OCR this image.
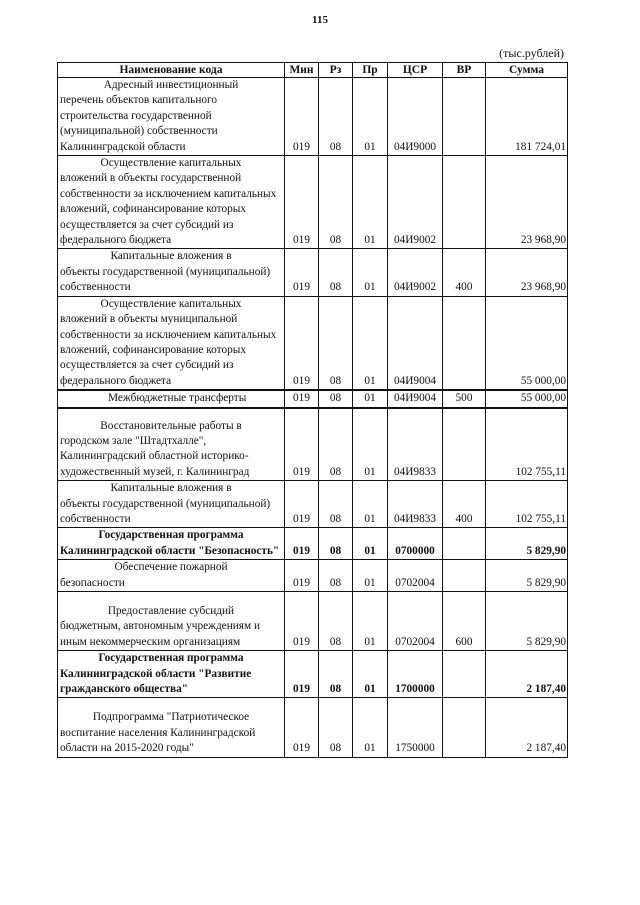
115
(тыс.рублей)
Наименование кода	Мин	Рз	Пр	ЦСР	ВР	Сумма

Адресный инвестиционный
перечень объектов капитального строительства государственной (муниципальной) собственности Калининградской области	019	08	01	04И9000		181 724,01

Осуществление капитальных
вложений в объекты государственной собственности за исключением капитальных вложений, софинансирование которых осуществляется за счет субсидий из федерального бюджета	019	08	01	04И9002		23 968,90

Капитальные вложения в
объекты государственной (муниципальной) собственности	019	08	01	04И9002	400	23 968,90

Осуществление капитальных
вложений в объекты муниципальной собственности за исключением капитальных вложений, софинансирование которых осуществляется за счет субсидий из федерального бюджета	019	08	01	04И9004		55 000,00
Межбюджетные трансферты	019	08	01	04И9004	500	55 000,00

Восстановительные работы в
городском зале "Штадтхалле", Калининградский областной историко-художественный музей, г. Калининград	019	08	01	04И9833		102 755,11

Капитальные вложения в
объекты государственной (муниципальной) собственности	019	08	01	04И9833	400	102 755,11

Государственная программа
Калининградской области "Безопасность"	019	08	01	0700000		5 829,90

Обеспечение пожарной
безопасности	019	08	01	0702004		5 829,90

Предоставление субсидий
бюджетным, автономным учреждениям и иным некоммерческим организациям	019	08	01	0702004	600	5 829,90

Государственная программа
Калининградской области "Развитие гражданского общества"	019	08	01	1700000		2 187,40

Подпрограмма "Патриотическое
воспитание населения Калининградской области на 2015-2020 годы"	019	08	01	1750000		2 187,40
